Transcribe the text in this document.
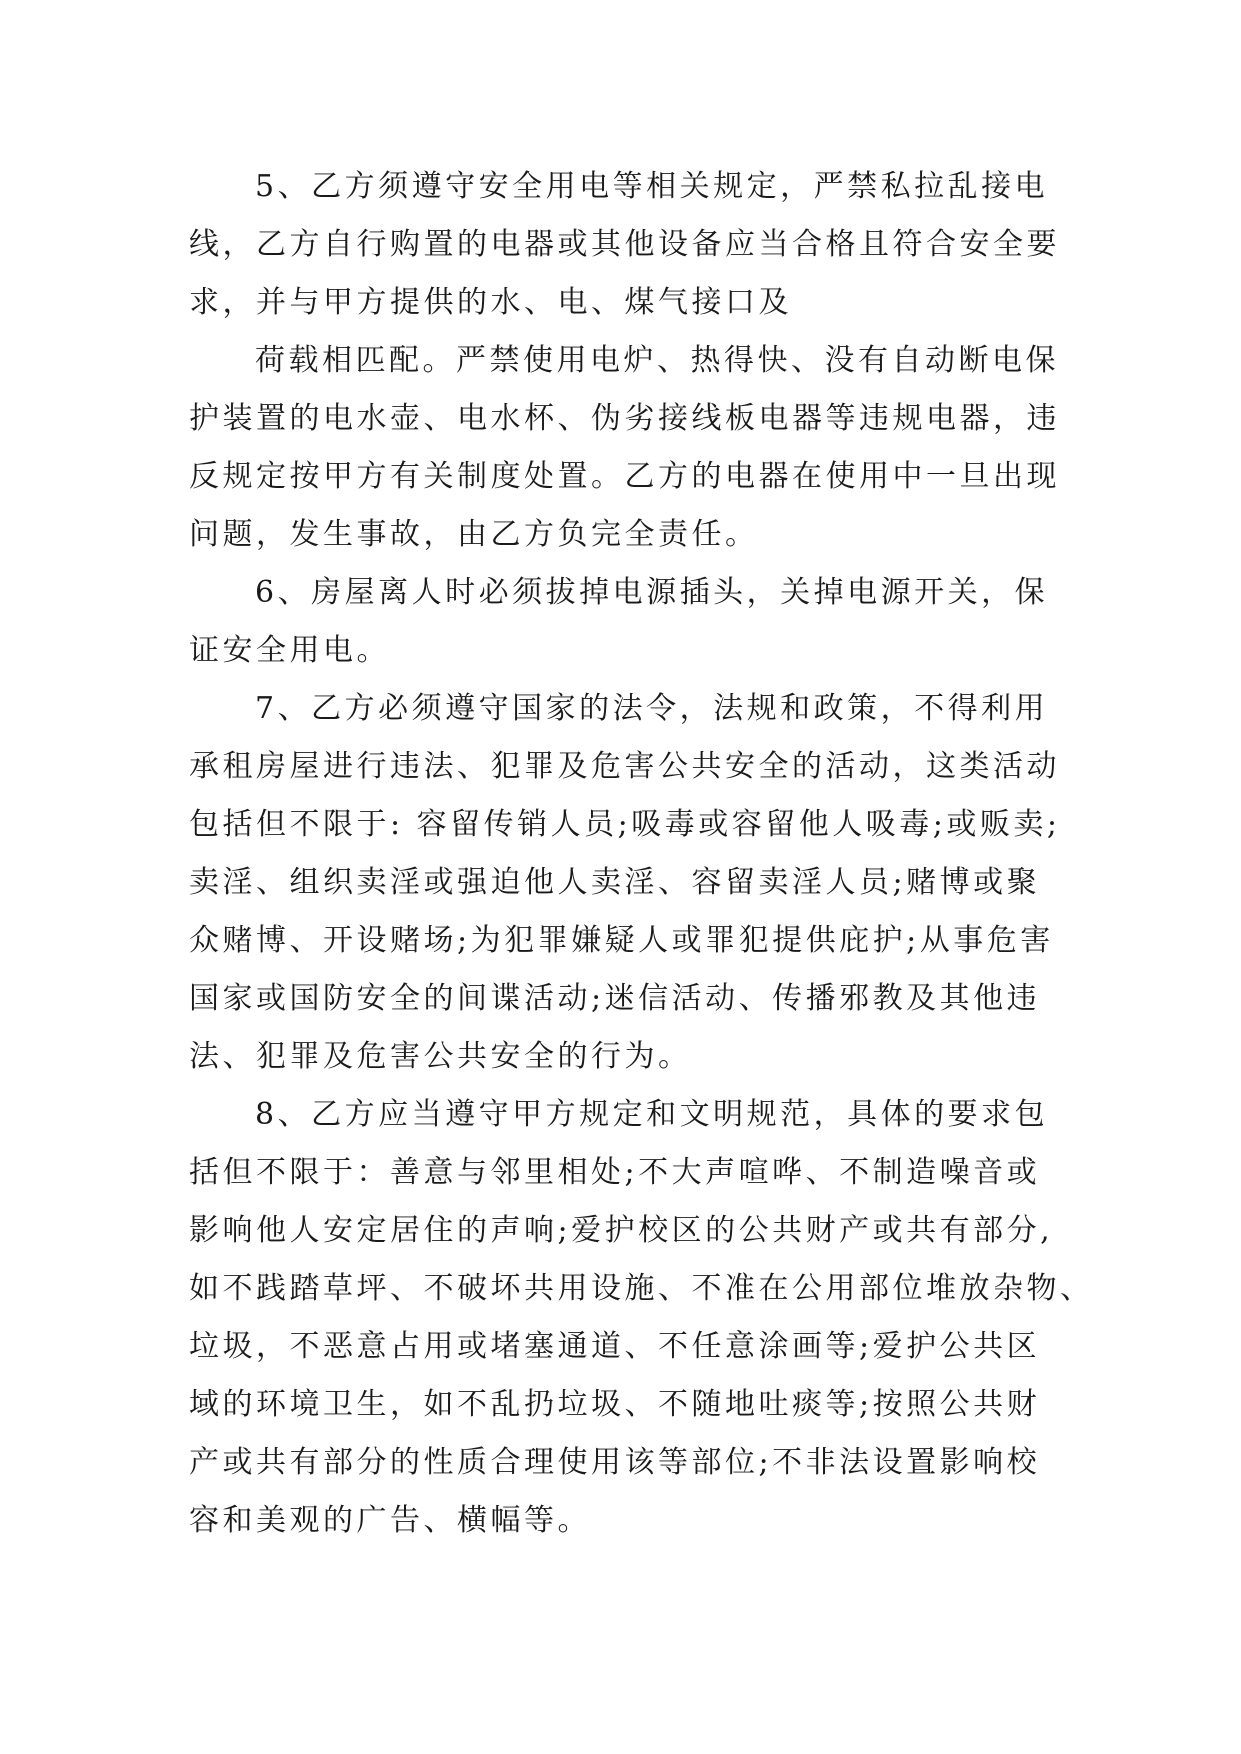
5、乙方须遵守安全用电等相关规定，严禁私拉乱接电
线，乙方自行购置的电器或其他设备应当合格且符合安全要
求，并与甲方提供的水、电、煤气接口及
荷载相匹配。严禁使用电炉、热得快、没有自动断电保
护装置的电水壶、电水杯、伪劣接线板电器等违规电器，违
反规定按甲方有关制度处置。乙方的电器在使用中一旦出现
问题，发生事故，由乙方负完全责任。
6、房屋离人时必须拔掉电源插头，关掉电源开关，保
证安全用电。
7、乙方必须遵守国家的法令，法规和政策，不得利用
承租房屋进行违法、犯罪及危害公共安全的活动，这类活动
包括但不限于: 容留传销人员;吸毒或容留他人吸毒;或贩卖;
卖淫、组织卖淫或强迫他人卖淫、容留卖淫人员;赌博或聚
众赌博、开设赌场;为犯罪嫌疑人或罪犯提供庇护;从事危害
国家或国防安全的间谍活动;迷信活动、传播邪教及其他违
法、犯罪及危害公共安全的行为。
8、乙方应当遵守甲方规定和文明规范，具体的要求包
括但不限于：善意与邻里相处;不大声喧哗、不制造噪音或
影响他人安定居住的声响;爱护校区的公共财产或共有部分,
如不践踏草坪、不破坏共用设施、不准在公用部位堆放杂物、
垃圾，不恶意占用或堵塞通道、不任意涂画等;爱护公共区
域的环境卫生，如不乱扔垃圾、不随地吐痰等;按照公共财
产或共有部分的性质合理使用该等部位;不非法设置影响校
容和美观的广告、横幅等。
